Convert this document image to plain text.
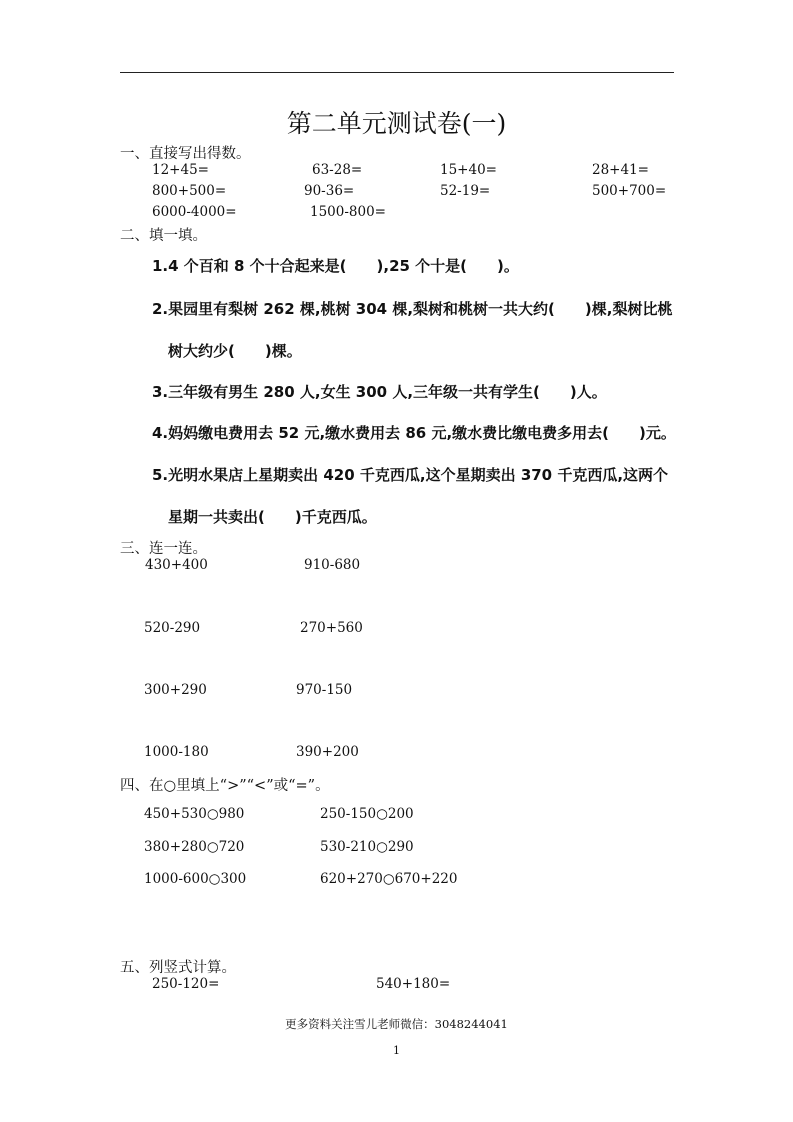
第二单元测试卷(一)
一、直接写出得数。
12+45=	63-28=	15+40=	28+41=
800+500=	90-36=	52-19=	500+700=
6000-4000=	1500-800=
二、填一填。
1.4 个百和 8 个十合起来是(　　),25 个十是(　　)。
2.果园里有梨树 262 棵,桃树 304 棵,梨树和桃树一共大约(　　)棵,梨树比桃
树大约少(　　)棵。
3.三年级有男生 280 人,女生 300 人,三年级一共有学生(　　)人。
4.妈妈缴电费用去 52 元,缴水费用去 86 元,缴水费比缴电费多用去(　　)元。
5.光明水果店上星期卖出 420 千克西瓜,这个星期卖出 370 千克西瓜,这两个
星期一共卖出(　　)千克西瓜。
三、连一连。
430+400	910-680
520-290	270+560
300+290	970-150
1000-180	390+200
四、在○里填上“>”“<”或“=”。
450+530○980	250-150○200
380+280○720	530-210○290
1000-600○300	620+270○670+220
五、列竖式计算。
250-120=	540+180=
更多资料关注雪儿老师微信：3048244041
1
